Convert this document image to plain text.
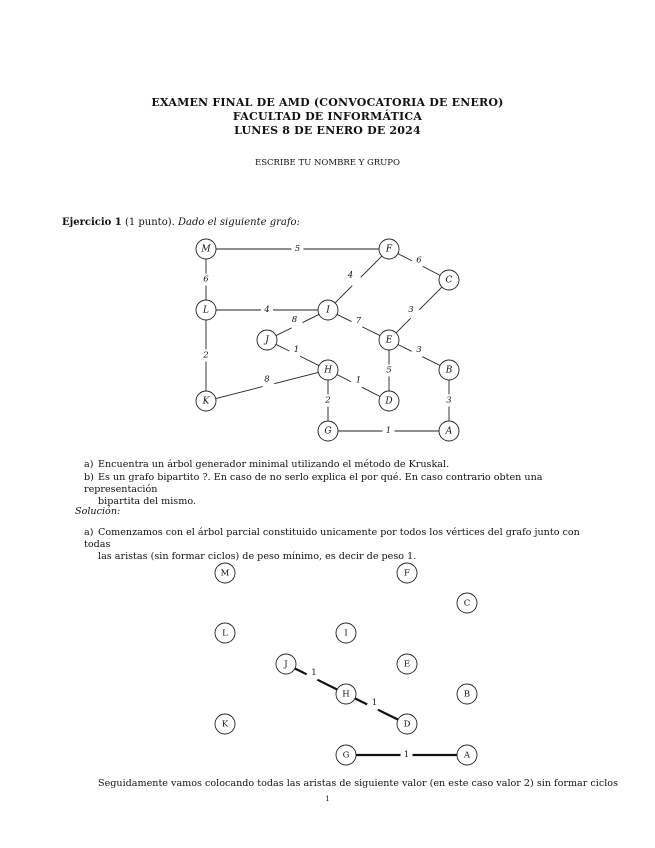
EXAMEN FINAL DE AMD (CONVOCATORIA DE ENERO)
FACULTAD DE INFORMÁTICA
LUNES 8 DE ENERO DE 2024
ESCRIBE TU NOMBRE Y GRUPO
Ejercicio 1 (1 punto). Dado el siguiente grafo:
5
6
6
4
4	3
8	7
2
1	3
5
8	1
2	3
1
M	F
C
L	I
J	E
H	B
K	D
G	A
1
1
1
M	F
C
L	I
J	E
H	B
K	D
G	A
a) Encuentra un árbol generador minimal utilizando el método de Kruskal.
b) Es un grafo bipartito ?. En caso de no serlo explica el por qué. En caso contrario obten una representación
bipartita del mismo.
Solución:
a) Comenzamos con el árbol parcial constituido unicamente por todos los vértices del grafo junto con todas
las aristas (sin formar ciclos) de peso mínimo, es decir de peso 1.
Seguidamente vamos colocando todas las aristas de siguiente valor (en este caso valor 2) sin formar ciclos
1
